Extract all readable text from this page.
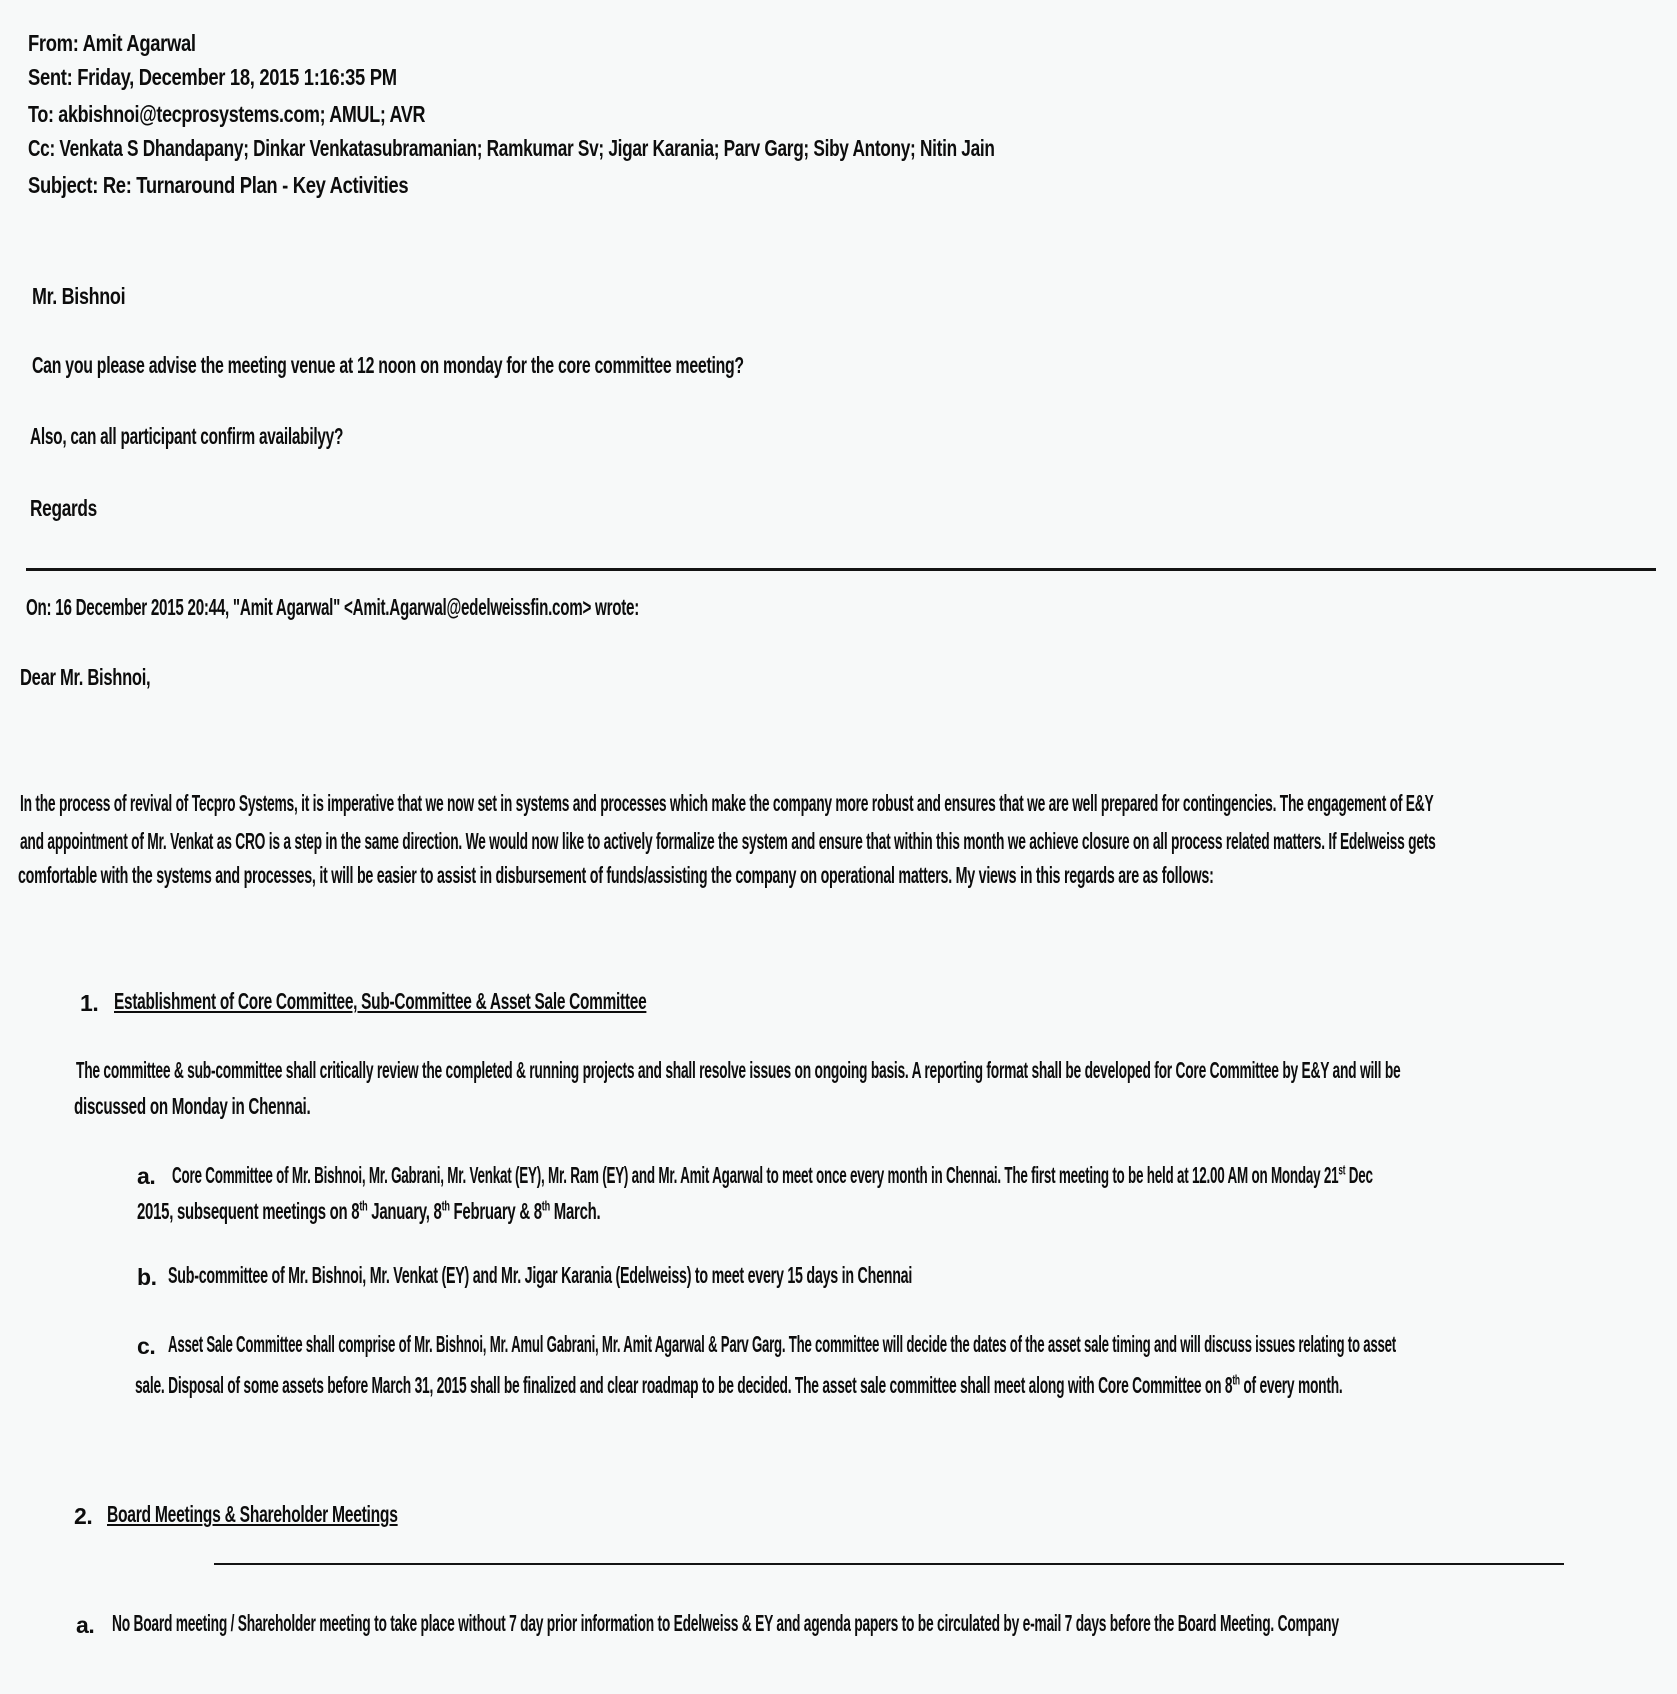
From: Amit Agarwal
Sent: Friday, December 18, 2015 1:16:35 PM
To: akbishnoi@tecprosystems.com; AMUL; AVR
Cc: Venkata S Dhandapany; Dinkar Venkatasubramanian; Ramkumar Sv; Jigar Karania; Parv Garg; Siby Antony; Nitin Jain
Subject: Re: Turnaround Plan - Key Activities
Mr. Bishnoi
Can you please advise the meeting venue at 12 noon on monday for the core committee meeting?
Also, can all participant confirm availabilyy?
Regards
On: 16 December 2015 20:44, "Amit Agarwal" <Amit.Agarwal@edelweissfin.com> wrote:
Dear Mr. Bishnoi,
In the process of revival of Tecpro Systems, it is imperative that we now set in systems and processes which make the company more robust and ensures that we are well prepared for contingencies. The engagement of E&Y
and appointment of Mr. Venkat as CRO is a step in the same direction. We would now like to actively formalize the system and ensure that within this month we achieve closure on all process related matters. If Edelweiss gets
comfortable with the systems and processes, it will be easier to assist in disbursement of funds/assisting the company on operational matters. My views in this regards are as follows:
1. Establishment of Core Committee, Sub-Committee & Asset Sale Committee
The committee & sub-committee shall critically review the completed & running projects and shall resolve issues on ongoing basis. A reporting format shall be developed for Core Committee by E&Y and will be
discussed on Monday in Chennai.
a. Core Committee of Mr. Bishnoi, Mr. Gabrani, Mr. Venkat (EY), Mr. Ram (EY) and Mr. Amit Agarwal to meet once every month in Chennai. The first meeting to be held at 12.00 AM on Monday 21st Dec
2015, subsequent meetings on 8th January, 8th February & 8th March.
b. Sub-committee of Mr. Bishnoi, Mr. Venkat (EY) and Mr. Jigar Karania (Edelweiss) to meet every 15 days in Chennai
c. Asset Sale Committee shall comprise of Mr. Bishnoi, Mr. Amul Gabrani, Mr. Amit Agarwal & Parv Garg. The committee will decide the dates of the asset sale timing and will discuss issues relating to asset
sale. Disposal of some assets before March 31, 2015 shall be finalized and clear roadmap to be decided. The asset sale committee shall meet along with Core Committee on 8th of every month.
2. Board Meetings & Shareholder Meetings
a. No Board meeting / Shareholder meeting to take place without 7 day prior information to Edelweiss & EY and agenda papers to be circulated by e-mail 7 days before the Board Meeting. Company
